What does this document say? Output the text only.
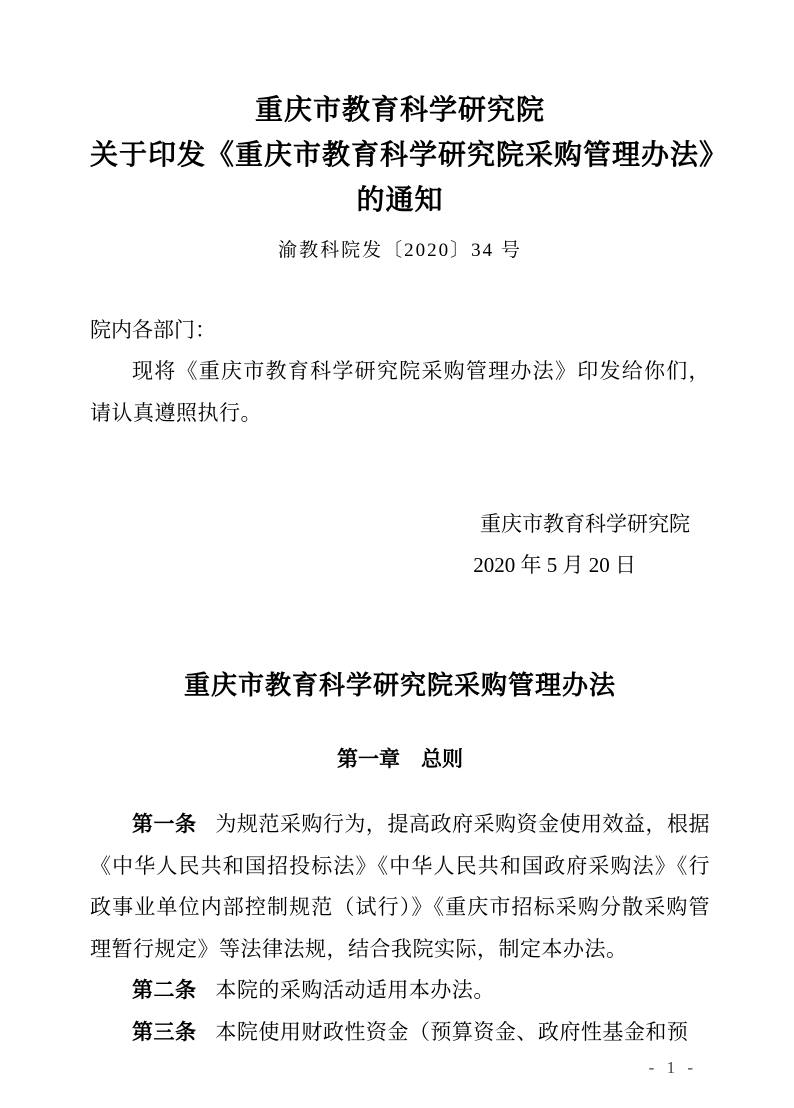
重庆市教育科学研究院
关于印发《重庆市教育科学研究院采购管理办法》
的通知
渝教科院发〔2020〕34 号

院内各部门：

现将《重庆市教育科学研究院采购管理办法》印发给你们，请认真遵照执行。

重庆市教育科学研究院

2020 年 5 月 20 日

重庆市教育科学研究院采购管理办法
第一章　总则

第一条 为规范采购行为，提高政府采购资金使用效益，根据《中华人民共和国招投标法》《中华人民共和国政府采购法》《行政事业单位内部控制规范（试行）》《重庆市招标采购分散采购管理暂行规定》等法律法规，结合我院实际，制定本办法。

第二条 本院的采购活动适用本办法。

第三条 本院使用财政性资金（预算资金、政府性基金和预

- 1 -
